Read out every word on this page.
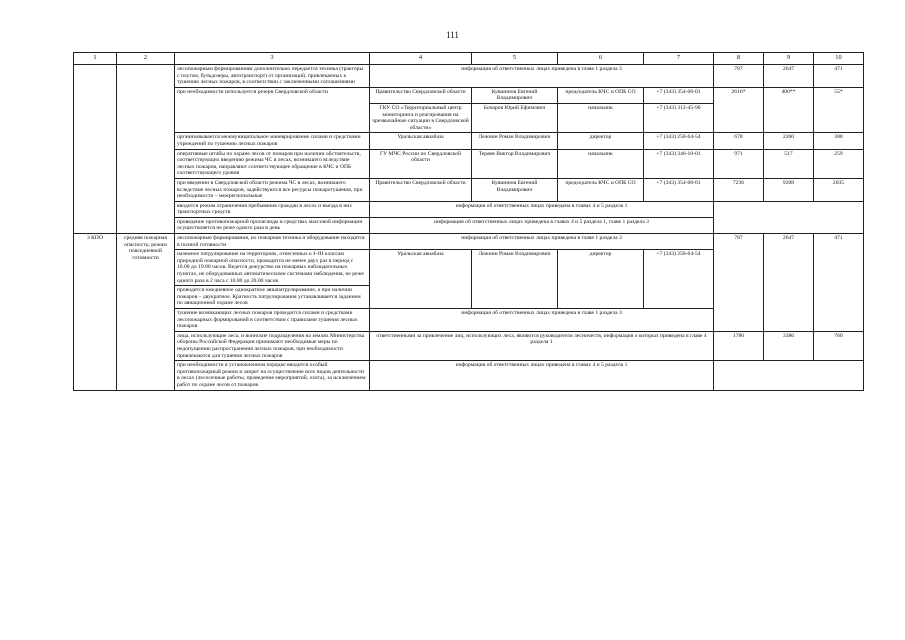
111
1	2	3	4	5	6	7	8	9	10
		лесопожарным формированиям дополнительно передается техника (тракторы с плугом, бульдозеры, автотранспорт) от организаций, привлекаемых к тушению лесных пожаров, в соответствии с заключенными соглашениями	информация об ответственных лицах приведена в главе 1 раздела 3				787	2647	471
		при необходимости используется резерв Свердловской области	Правительство Свердловской области	Кувшинов Евгений Владимирович	председатель КЧС и ОПБ СО	+7 (343) 354-00-01	2616*	400**	55*
			ГКУ СО «Территориальный центр мониторинга и реагирования на чрезвычайные ситуации в Свердловской области»	Бочаров Юрий Ефимович	начальник	+7 (343) 312-45-90			
		организовывается межмуниципальное маневрирование силами и средствами учреждений по тушению лесных пожаров	Уральская авиабаза	Лежнин Роман Владимирович	директор	+7 (343) 258-64-54	678	2260	388
		оперативные штабы по охране лесов от пожаров при наличии обстоятельств, соответствующих введению режима ЧС в лесах, возникшего вследствие лесных пожаров, направляют соответствующее обращение в КЧС и ОПБ соответствующего уровня	ГУ МЧС России по Свердловской области	Теряев Виктор Владимирович	начальник	+7 (343) 346-10-01	971	517	259
		при введении в Свердловской области режима ЧС в лесах, возникшего вследствие лесных пожаров, задействуются все ресурсы пожаротушения, при необходимости – межрегиональные	Правительство Свердловской области	Кувшинов Евгений Владимирович	председатель КЧС и ОПБ СО	+7 (343) 354-00-01	7236	9208	2035
		вводится режим ограничения пребывания граждан в лесах и въезда в них транспортных средств	информация об ответственных лицах приведена в главах 4 и 5 раздела 1						
		проведение противопожарной пропаганды в средствах массовой информации осуществляется не реже одного раза в день	информация об ответственных лицах приведена в главах 4 и 5 раздела 1, главе 1 раздела 3						
3 КПО	средняя пожарная опасность; режим повседневной готовности	лесопожарные формирования, их пожарная техника и оборудование находятся в полной готовности	информация об ответственных лицах приведена в главе 1 раздела 3				787	2647	471
		наземное патрулирование на территориях, отнесенных к I–III классам природной пожарной опасности, проводится не менее двух раз в период с 10.00 до 19.00 часов. Ведется дежурство на пожарных наблюдательных пунктах, не оборудованных автоматическими системами наблюдения, не реже одного раза в 2 часа с 10.00 до 20.00 часов	Уральская авиабаза	Лежнин Роман Владимирович	директор	+7 (343) 258-64-54			
		проводится ежедневное однократное авиапатрулирование, а при наличии пожаров – двукратное. Кратность патрулирования устанавливается заданием по авиационной охране лесов							
		тушение возникающих лесных пожаров проводится силами и средствами лесопожарных формирований в соответствии с правилами тушения лесных пожаров	информация об ответственных лицах приведена в главе 1 раздела 3						
		лица, использующие леса, и воинские подразделения на землях Министерства обороны Российской Федерации принимают необходимые меры по недопущению распространения лесных пожаров, при необходимости привлекаются для тушения лесных пожаров	ответственными за привлечение лиц, использующих леса, являются руководители лесничеств, информация о которых приведена в главе 4 раздела 1				1786	3386	760
		при необходимости в установленном порядке вводится особый противопожарный режим и запрет на осуществление всех видов деятельности в лесах (лесосечные работы, проведение мероприятий, охота), за исключением работ по охране лесов от пожаров	информация об ответственных лицах приведена в главах 4 и 5 раздела 1						
